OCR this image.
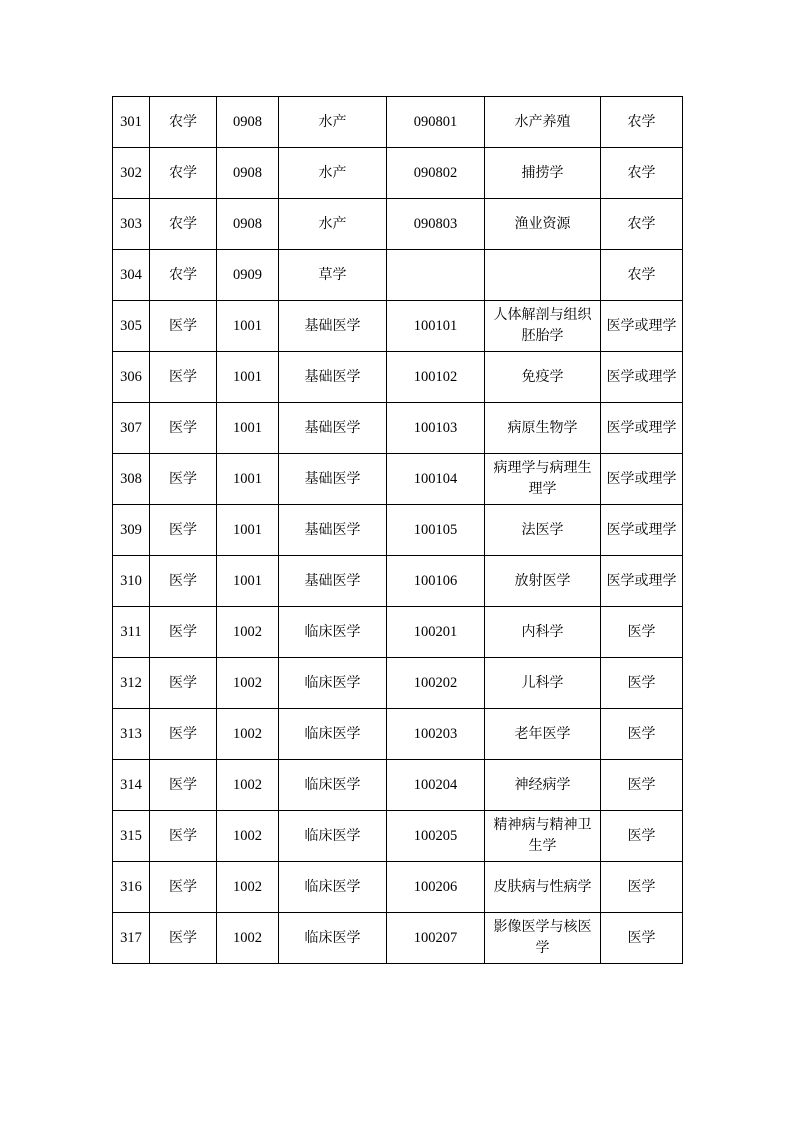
301	农学	0908	水产	090801	水产养殖	农学
302	农学	0908	水产	090802	捕捞学	农学
303	农学	0908	水产	090803	渔业资源	农学
304	农学	0909	草学			农学
305	医学	1001	基础医学	100101	人体解剖与组织胚胎学	医学或理学
306	医学	1001	基础医学	100102	免疫学	医学或理学
307	医学	1001	基础医学	100103	病原生物学	医学或理学
308	医学	1001	基础医学	100104	病理学与病理生理学	医学或理学
309	医学	1001	基础医学	100105	法医学	医学或理学
310	医学	1001	基础医学	100106	放射医学	医学或理学
311	医学	1002	临床医学	100201	内科学	医学
312	医学	1002	临床医学	100202	儿科学	医学
313	医学	1002	临床医学	100203	老年医学	医学
314	医学	1002	临床医学	100204	神经病学	医学
315	医学	1002	临床医学	100205	精神病与精神卫生学	医学
316	医学	1002	临床医学	100206	皮肤病与性病学	医学
317	医学	1002	临床医学	100207	影像医学与核医学	医学
